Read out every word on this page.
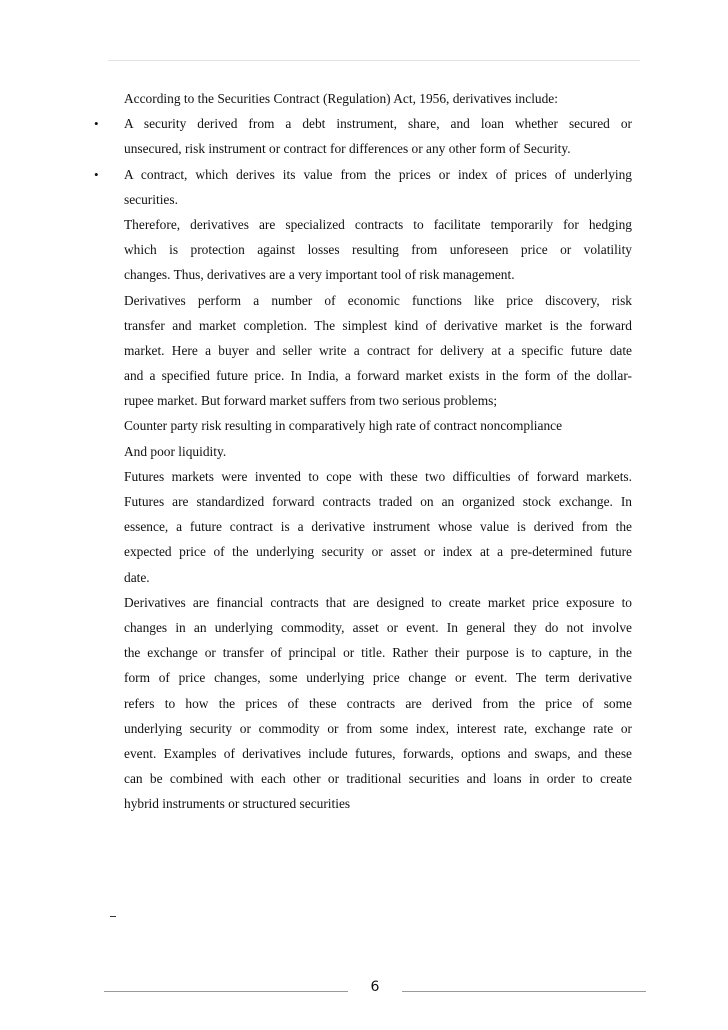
According to the Securities Contract (Regulation) Act, 1956, derivatives include:
• A security derived from a debt instrument, share, and loan whether secured or
unsecured, risk instrument or contract for differences or any other form of Security.
• A contract, which derives its value from the prices or index of prices of underlying
securities.
Therefore, derivatives are specialized contracts to facilitate temporarily for hedging
which is protection against losses resulting from unforeseen price or volatility
changes. Thus, derivatives are a very important tool of risk management.
Derivatives perform a number of economic functions like price discovery, risk
transfer and market completion. The simplest kind of derivative market is the forward
market. Here a buyer and seller write a contract for delivery at a specific future date
and a specified future price. In India, a forward market exists in the form of the dollar-
rupee market. But forward market suffers from two serious problems;
Counter party risk resulting in comparatively high rate of contract noncompliance
And poor liquidity.
Futures markets were invented to cope with these two difficulties of forward markets.
Futures are standardized forward contracts traded on an organized stock exchange. In
essence, a future contract is a derivative instrument whose value is derived from the
expected price of the underlying security or asset or index at a pre-determined future
date.
Derivatives are financial contracts that are designed to create market price exposure to
changes in an underlying commodity, asset or event. In general they do not involve
the exchange or transfer of principal or title. Rather their purpose is to capture, in the
form of price changes, some underlying price change or event. The term derivative
refers to how the prices of these contracts are derived from the price of some
underlying security or commodity or from some index, interest rate, exchange rate or
event. Examples of derivatives include futures, forwards, options and swaps, and these
can be combined with each other or traditional securities and loans in order to create
hybrid instruments or structured securities
6
